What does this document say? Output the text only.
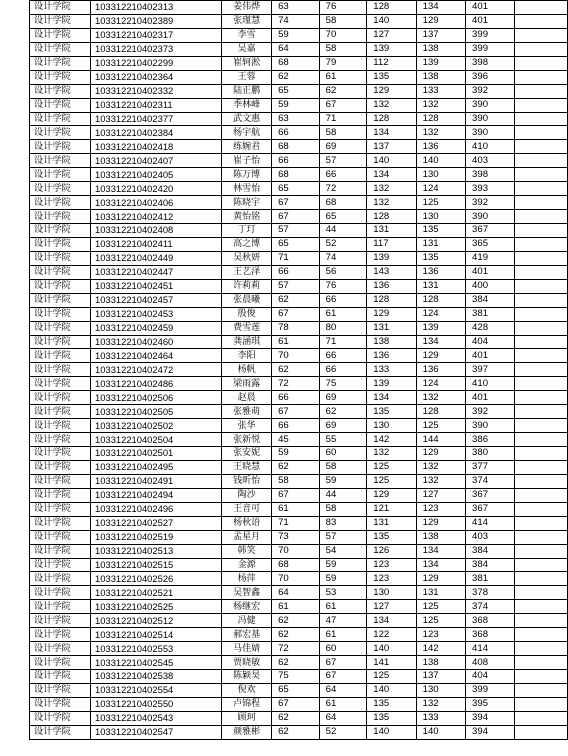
设计学院	103312210402313	姜伟烨	63	76	128	134	401	
设计学院	103312210402389	张瑾慧	74	58	140	129	401	
设计学院	103312210402317	李雪	59	70	127	137	399	
设计学院	103312210402373	吴嘉	64	58	139	138	399	
设计学院	103312210402299	崔轲淞	68	79	112	139	398	
设计学院	103312210402364	王蓉	62	61	135	138	396	
设计学院	103312210402332	陆正鹏	65	62	129	133	392	
设计学院	103312210402311	季林峰	59	67	132	132	390	
设计学院	103312210402377	武文惠	63	71	128	128	390	
设计学院	103312210402384	杨宇航	66	58	134	132	390	
设计学院	103312210402418	练婉君	68	69	137	136	410	
设计学院	103312210402407	崔子怡	66	57	140	140	403	
设计学院	103312210402405	陈万博	68	66	134	130	398	
设计学院	103312210402420	林雪怡	65	72	132	124	393	
设计学院	103312210402406	陈晓宇	67	68	132	125	392	
设计学院	103312210402412	黄怡铭	67	65	128	130	390	
设计学院	103312210402408	丁玎	57	44	131	135	367	
设计学院	103312210402411	高之博	65	52	117	131	365	
设计学院	103312210402449	吴秋妍	71	74	139	135	419	
设计学院	103312210402447	王艺泽	66	56	143	136	401	
设计学院	103312210402451	许莉莉	57	76	136	131	400	
设计学院	103312210402457	张晨曦	62	66	128	128	384	
设计学院	103312210402453	殷俊	67	61	129	124	381	
设计学院	103312210402459	费雪莲	78	80	131	139	428	
设计学院	103312210402460	龚涵琪	61	71	138	134	404	
设计学院	103312210402464	李阳	70	66	136	129	401	
设计学院	103312210402472	杨帆	62	66	133	136	397	
设计学院	103312210402486	梁雨露	72	75	139	124	410	
设计学院	103312210402506	赵晨	66	69	134	132	401	
设计学院	103312210402505	张雅萌	67	62	135	128	392	
设计学院	103312210402502	张华	66	69	130	125	390	
设计学院	103312210402504	张新悦	45	55	142	144	386	
设计学院	103312210402501	张安妮	59	60	132	129	380	
设计学院	103312210402495	王晓慧	62	58	125	132	377	
设计学院	103312210402491	钱昕怡	58	59	125	132	374	
设计学院	103312210402494	陶沙	67	44	129	127	367	
设计学院	103312210402496	王音可	61	58	121	123	367	
设计学院	103312210402527	杨秋语	71	83	131	129	414	
设计学院	103312210402519	孟星月	73	57	135	138	403	
设计学院	103312210402513	韩笑	70	54	126	134	384	
设计学院	103312210402515	金源	68	59	123	134	384	
设计学院	103312210402526	杨萍	70	59	123	129	381	
设计学院	103312210402521	吴智鑫	64	53	130	131	378	
设计学院	103312210402525	杨继宏	61	61	127	125	374	
设计学院	103312210402512	冯健	62	47	134	125	368	
设计学院	103312210402514	郝宏基	62	61	122	123	368	
设计学院	103312210402553	马佳婧	72	60	140	142	414	
设计学院	103312210402545	贾晓敏	62	67	141	138	408	
设计学院	103312210402538	陈颖昊	75	67	125	137	404	
设计学院	103312210402554	倪欢	65	64	140	130	399	
设计学院	103312210402550	卢锦程	67	61	135	132	395	
设计学院	103312210402543	顾珂	62	64	135	133	394	
设计学院	103312210402547	颜雅彬	62	52	140	140	394	
